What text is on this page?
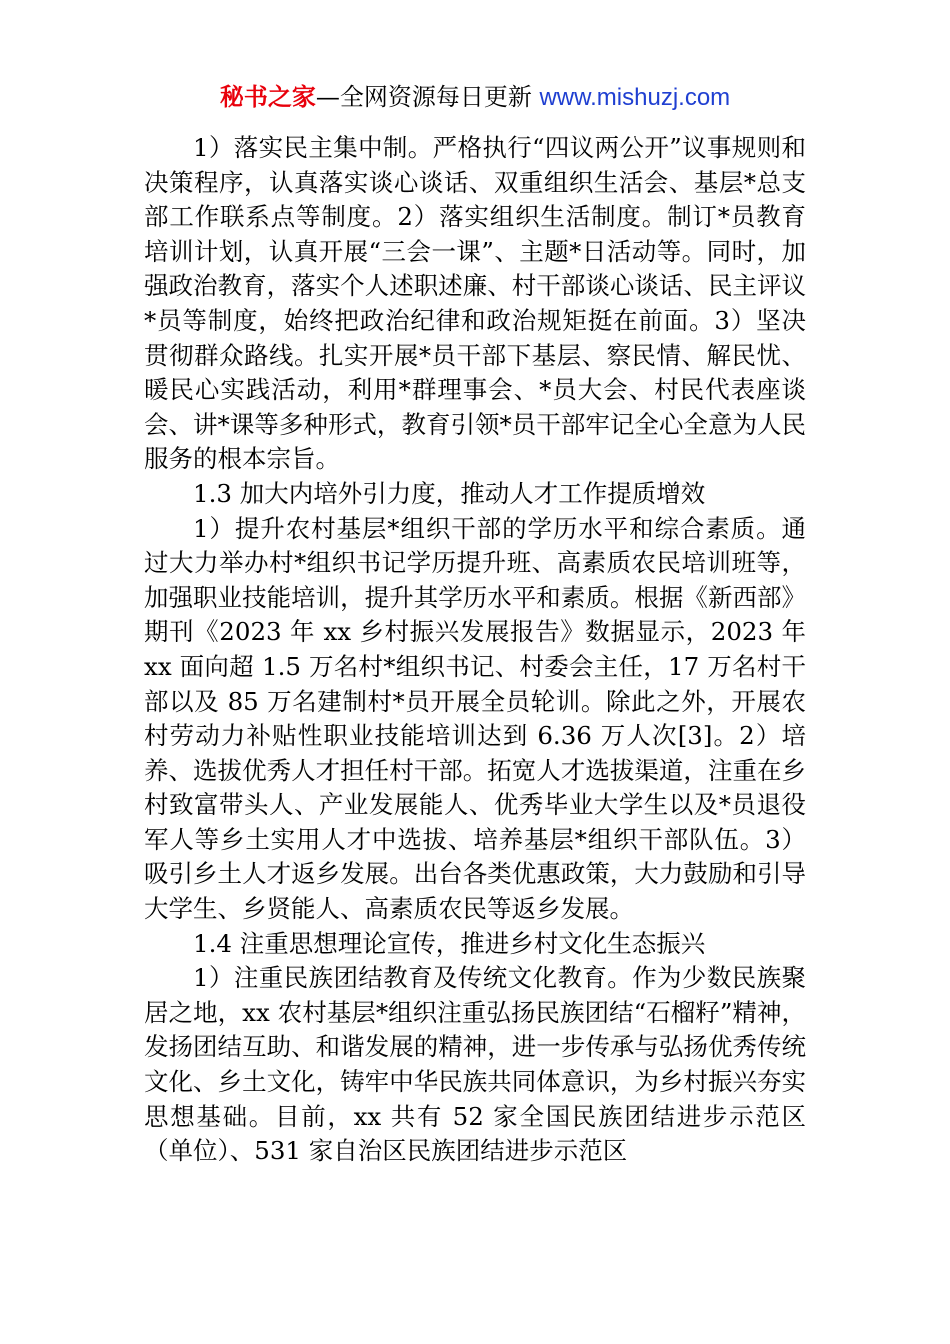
秘书之家—全网资源每日更新 www.mishuzj.com

1）落实民主集中制。严格执行“四议两公开”议事规则和决策程序，认真落实谈心谈话、双重组织生活会、基层*总支部工作联系点等制度。2）落实组织生活制度。制订*员教育培训计划，认真开展“三会一课”、主题*日活动等。同时，加强政治教育，落实个人述职述廉、村干部谈心谈话、民主评议*员等制度，始终把政治纪律和政治规矩挺在前面。3）坚决贯彻群众路线。扎实开展*员干部下基层、察民情、解民忧、暖民心实践活动，利用*群理事会、*员大会、村民代表座谈会、讲*课等多种形式，教育引领*员干部牢记全心全意为人民服务的根本宗旨。

1.3 加大内培外引力度，推动人才工作提质增效

1）提升农村基层*组织干部的学历水平和综合素质。通过大力举办村*组织书记学历提升班、高素质农民培训班等，加强职业技能培训，提升其学历水平和素质。根据《新西部》期刊《2023 年 xx 乡村振兴发展报告》数据显示，2023 年 xx 面向超 1.5 万名村*组织书记、村委会主任，17 万名村干部以及 85 万名建制村*员开展全员轮训。除此之外，开展农村劳动力补贴性职业技能培训达到 6.36 万人次[3]。2）培养、选拔优秀人才担任村干部。拓宽人才选拔渠道，注重在乡村致富带头人、产业发展能人、优秀毕业大学生以及*员退役军人等乡土实用人才中选拔、培养基层*组织干部队伍。3）吸引乡土人才返乡发展。出台各类优惠政策，大力鼓励和引导大学生、乡贤能人、高素质农民等返乡发展。

1.4 注重思想理论宣传，推进乡村文化生态振兴

1）注重民族团结教育及传统文化教育。作为少数民族聚居之地，xx 农村基层*组织注重弘扬民族团结“石榴籽”精神，发扬团结互助、和谐发展的精神，进一步传承与弘扬优秀传统文化、乡土文化，铸牢中华民族共同体意识，为乡村振兴夯实思想基础。目前，xx 共有 52 家全国民族团结进步示范区（单位）、531 家自治区民族团结进步示范区
